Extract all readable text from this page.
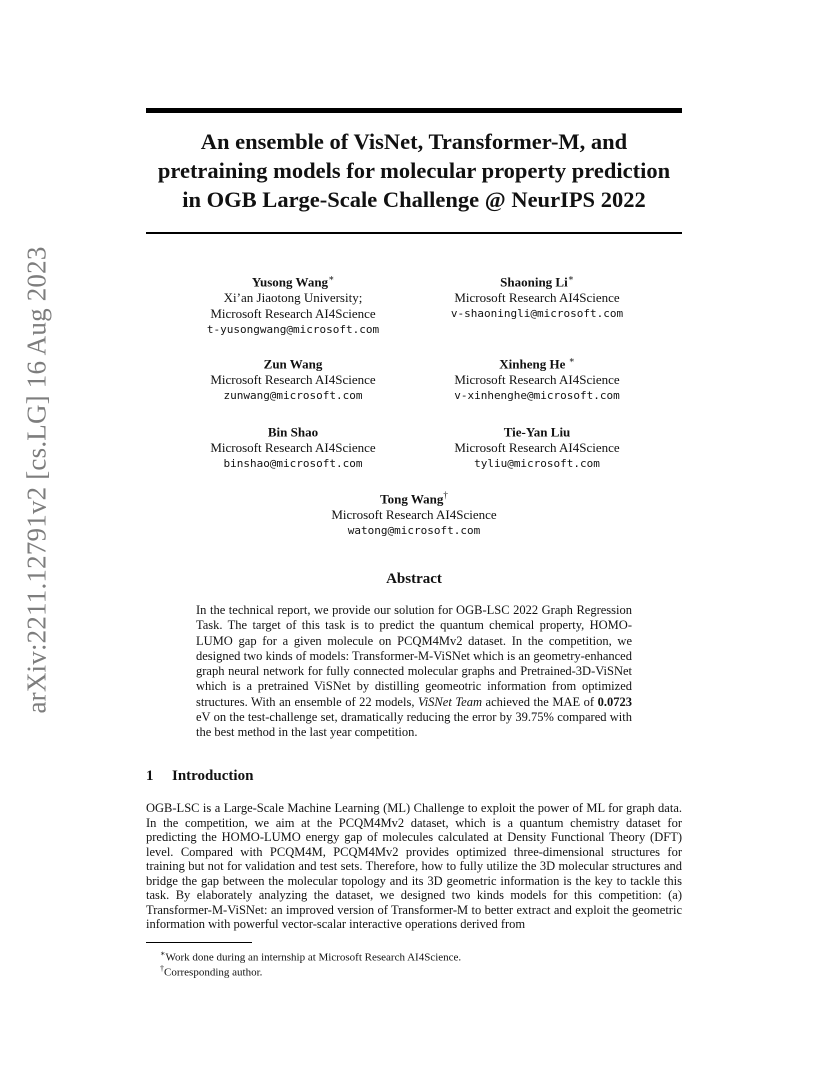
arXiv:2211.12791v2 [cs.LG] 16 Aug 2023
An ensemble of VisNet, Transformer-M, and
pretraining models for molecular property prediction
in OGB Large-Scale Challenge @ NeurIPS 2022
Yusong Wang∗
Xi’an Jiaotong University;
Microsoft Research AI4Science
t-yusongwang@microsoft.com
Shaoning Li∗
Microsoft Research AI4Science
v-shaoningli@microsoft.com
Zun Wang
Microsoft Research AI4Science
zunwang@microsoft.com
Xinheng He ∗
Microsoft Research AI4Science
v-xinhenghe@microsoft.com
Bin Shao
Microsoft Research AI4Science
binshao@microsoft.com
Tie-Yan Liu
Microsoft Research AI4Science
tyliu@microsoft.com
Tong Wang†
Microsoft Research AI4Science
watong@microsoft.com
Abstract
In the technical report, we provide our solution for OGB-LSC 2022 Graph Regression Task. The target of this task is to predict the quantum chemical property, HOMO-LUMO gap for a given molecule on PCQM4Mv2 dataset. In the competition, we designed two kinds of models: Transformer-M-ViSNet which is an geometry-enhanced graph neural network for fully connected molecular graphs and Pretrained-3D-ViSNet which is a pretrained ViSNet by distilling geomeotric information from optimized structures. With an ensemble of 22 models, ViSNet Team achieved the MAE of 0.0723 eV on the test-challenge set, dramatically reducing the error by 39.75% compared with the best method in the last year competition.
1 Introduction
OGB-LSC is a Large-Scale Machine Learning (ML) Challenge to exploit the power of ML for graph data. In the competition, we aim at the PCQM4Mv2 dataset, which is a quantum chemistry dataset for predicting the HOMO-LUMO energy gap of molecules calculated at Density Functional Theory (DFT) level. Compared with PCQM4M, PCQM4Mv2 provides optimized three-dimensional structures for training but not for validation and test sets. Therefore, how to fully utilize the 3D molecular structures and bridge the gap between the molecular topology and its 3D geometric information is the key to tackle this task. By elaborately analyzing the dataset, we designed two kinds models for this competition: (a) Transformer-M-ViSNet: an improved version of Transformer-M to better extract and exploit the geometric information with powerful vector-scalar interactive operations derived from
∗Work done during an internship at Microsoft Research AI4Science.
†Corresponding author.
